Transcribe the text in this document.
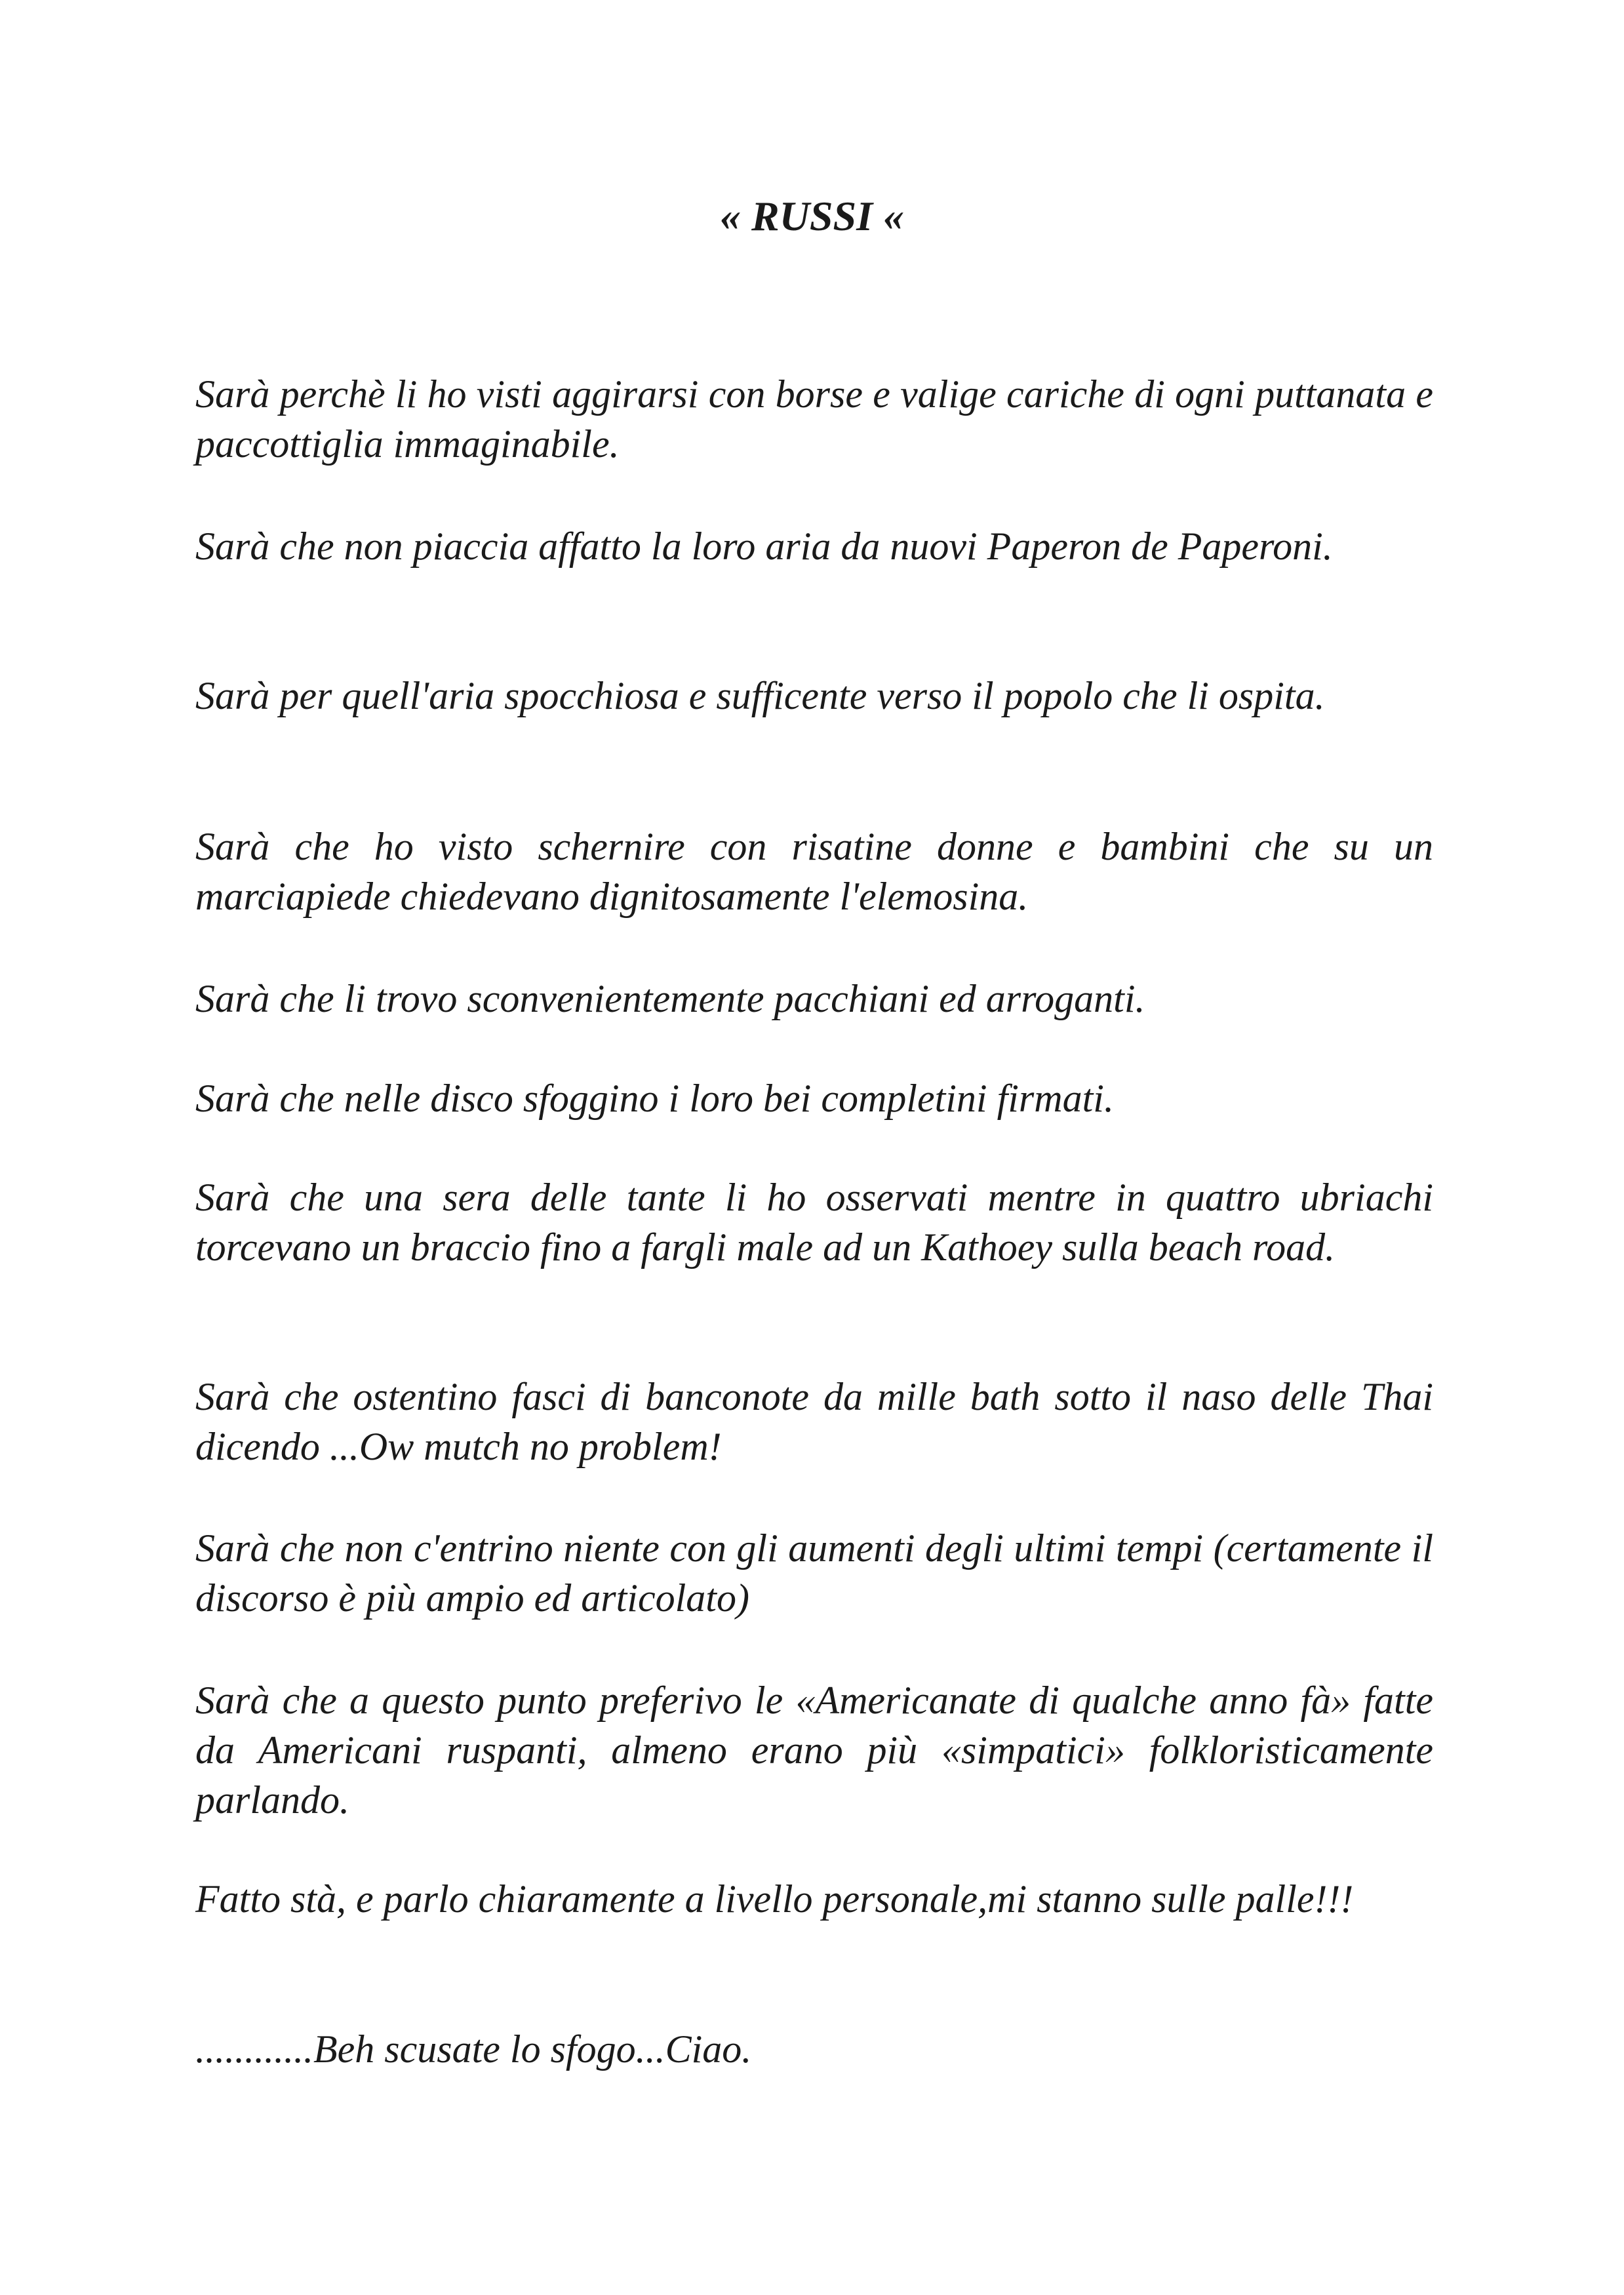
« RUSSI «

Sarà perchè li ho visti aggirarsi con borse e valige cariche di ogni puttanata e paccottiglia immaginabile.

Sarà che non piaccia affatto la loro aria da nuovi Paperon de Paperoni.

Sarà per quell'aria spocchiosa e sufficente verso il popolo che li ospita.

Sarà che ho visto schernire con risatine donne e bambini che su un marciapiede chiedevano dignitosamente l'elemosina.

Sarà che li trovo sconvenientemente pacchiani ed arroganti.

Sarà che nelle disco sfoggino i loro bei completini firmati.

Sarà che una sera delle tante li ho osservati mentre in quattro ubriachi torcevano un braccio fino a fargli male ad un Kathoey sulla beach road.

Sarà che ostentino fasci di banconote da mille bath sotto il naso delle Thai dicendo ...Ow mutch no problem!

Sarà che non c'entrino niente con gli aumenti degli ultimi tempi (certamente il discorso è più ampio ed articolato)

Sarà che a questo punto preferivo le «Americanate di qualche anno fà» fatte da Americani ruspanti, almeno erano più «simpatici» folkloristicamente parlando.

Fatto stà, e parlo chiaramente a livello personale,mi stanno sulle palle!!!

............Beh scusate lo sfogo...Ciao.
